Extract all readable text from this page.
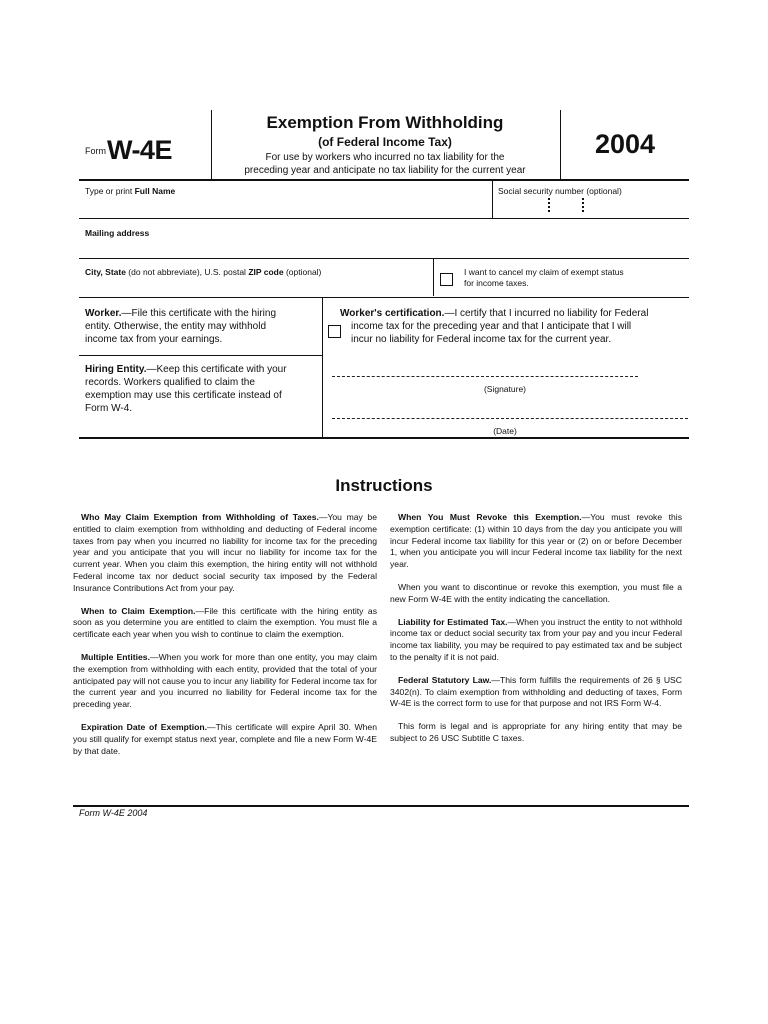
Form W-4E
Exemption From Withholding
(of Federal Income Tax)
For use by workers who incurred no tax liability for the
preceding year and anticipate no tax liability for the current year
2004
Type or print Full Name	Social security number (optional)
Mailing address
City, State (do not abbreviate), U.S. postal ZIP code (optional)	I want to cancel my claim of exempt status
for income taxes.
Worker.—File this certificate with the hiring
entity. Otherwise, the entity may withhold
income tax from your earnings.
Hiring Entity.—Keep this certificate with your
records. Workers qualified to claim the
exemption may use this certificate instead of
Form W-4.
Worker's certification.—I certify that I incurred no liability for Federal
income tax for the preceding year and that I anticipate that I will
incur no liability for Federal income tax for the current year.
(Signature)
(Date)
Instructions

Who May Claim Exemption from Withholding of Taxes.—You may be entitled to claim exemption from withholding and deducting of Federal income taxes from pay when you incurred no liability for income tax for the preceding year and you anticipate that you will incur no liability for income tax for the current year. When you claim this exemption, the hiring entity will not withhold Federal income tax nor deduct social security tax imposed by the Federal Insurance Contributions Act from your pay.

When to Claim Exemption.—File this certificate with the hiring entity as soon as you determine you are entitled to claim the exemption. You must file a certificate each year when you wish to continue to claim the exemption.

Multiple Entities.—When you work for more than one entity, you may claim the exemption from withholding with each entity, provided that the total of your anticipated pay will not cause you to incur any liability for Federal income tax for the current year and you incurred no liability for Federal income tax for the preceding year.

Expiration Date of Exemption.—This certificate will expire April 30. When you still qualify for exempt status next year, complete and file a new Form W-4E by that date.

When You Must Revoke this Exemption.—You must revoke this exemption certificate: (1) within 10 days from the day you anticipate you will incur Federal income tax liability for this year or (2) on or before December 1, when you anticipate you will incur Federal income tax liability for the next year.

When you want to discontinue or revoke this exemption, you must file a new Form W-4E with the entity indicating the cancellation.

Liability for Estimated Tax.—When you instruct the entity to not withhold income tax or deduct social security tax from your pay and you incur Federal income tax liability, you may be required to pay estimated tax and be subject to the penalty if it is not paid.

Federal Statutory Law.—This form fulfills the requirements of 26 § USC 3402(n). To claim exemption from withholding and deducting of taxes, Form W-4E is the correct form to use for that purpose and not IRS Form W-4.

This form is legal and is appropriate for any hiring entity that may be subject to 26 USC Subtitle C taxes.

Form W-4E 2004
